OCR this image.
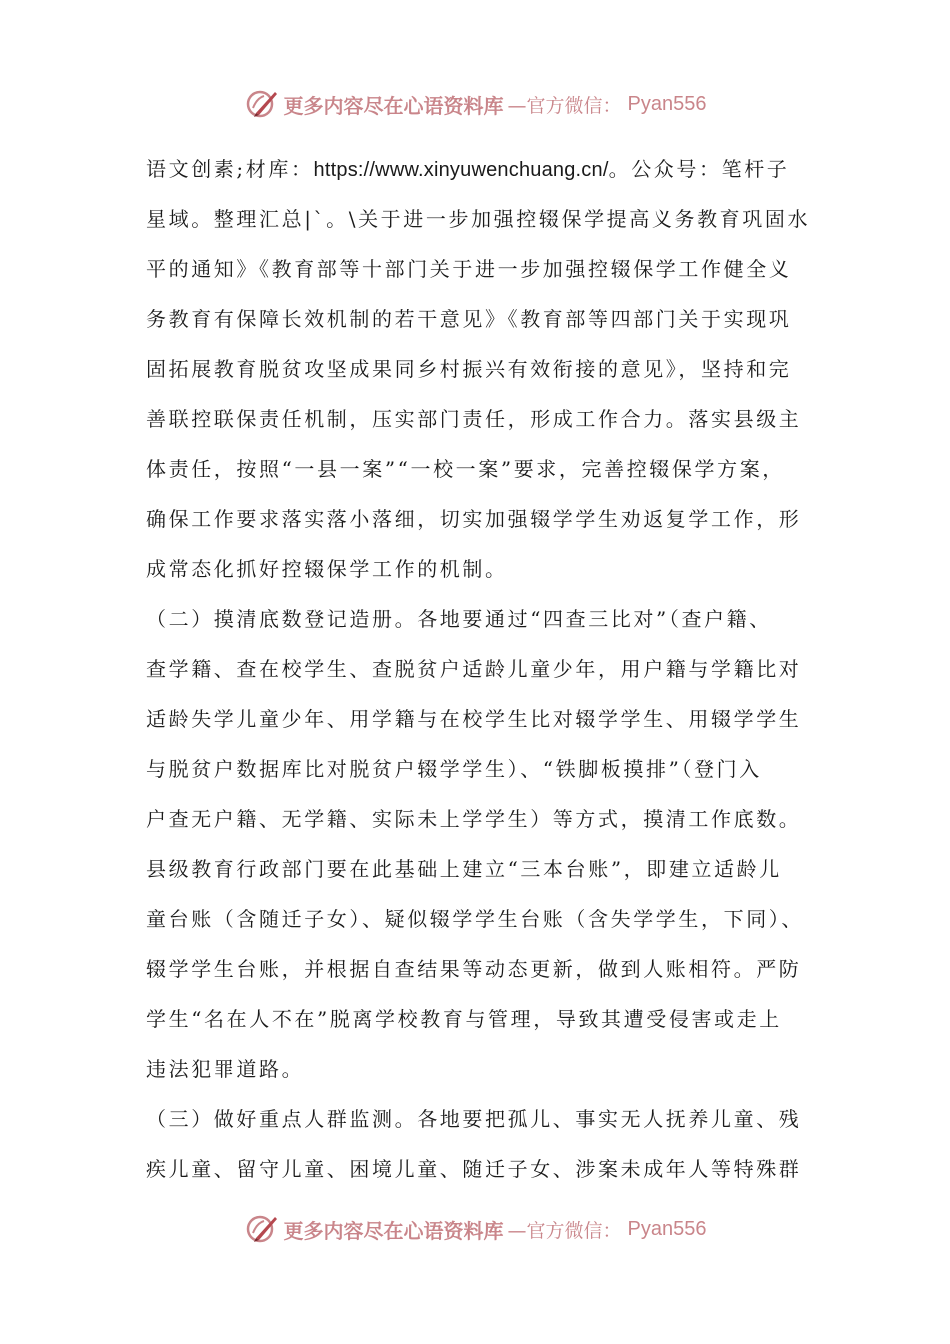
更多内容尽在心语资料库 —官方微信： Pyan556
语文创素;材库：https://www.xinyuwenchuang.cn/。公众号：笔杆子
星域。整理汇总|`。\关于进一步加强控辍保学提高义务教育巩固水
平的通知》《教育部等十部门关于进一步加强控辍保学工作健全义
务教育有保障长效机制的若干意见》《教育部等四部门关于实现巩
固拓展教育脱贫攻坚成果同乡村振兴有效衔接的意见》，坚持和完
善联控联保责任机制，压实部门责任，形成工作合力。落实县级主
体责任，按照“一县一案”“一校一案”要求，完善控辍保学方案，
确保工作要求落实落小落细，切实加强辍学学生劝返复学工作，形
成常态化抓好控辍保学工作的机制。
（二）摸清底数登记造册。各地要通过“四查三比对”（查户籍、
查学籍、查在校学生、查脱贫户适龄儿童少年，用户籍与学籍比对
适龄失学儿童少年、用学籍与在校学生比对辍学学生、用辍学学生
与脱贫户数据库比对脱贫户辍学学生）、“铁脚板摸排”（登门入
户查无户籍、无学籍、实际未上学学生）等方式，摸清工作底数。
县级教育行政部门要在此基础上建立“三本台账”，即建立适龄儿
童台账（含随迁子女）、疑似辍学学生台账（含失学学生，下同）、
辍学学生台账，并根据自查结果等动态更新，做到人账相符。严防
学生“名在人不在”脱离学校教育与管理，导致其遭受侵害或走上
违法犯罪道路。
（三）做好重点人群监测。各地要把孤儿、事实无人抚养儿童、残
疾儿童、留守儿童、困境儿童、随迁子女、涉案未成年人等特殊群
更多内容尽在心语资料库 —官方微信： Pyan556
